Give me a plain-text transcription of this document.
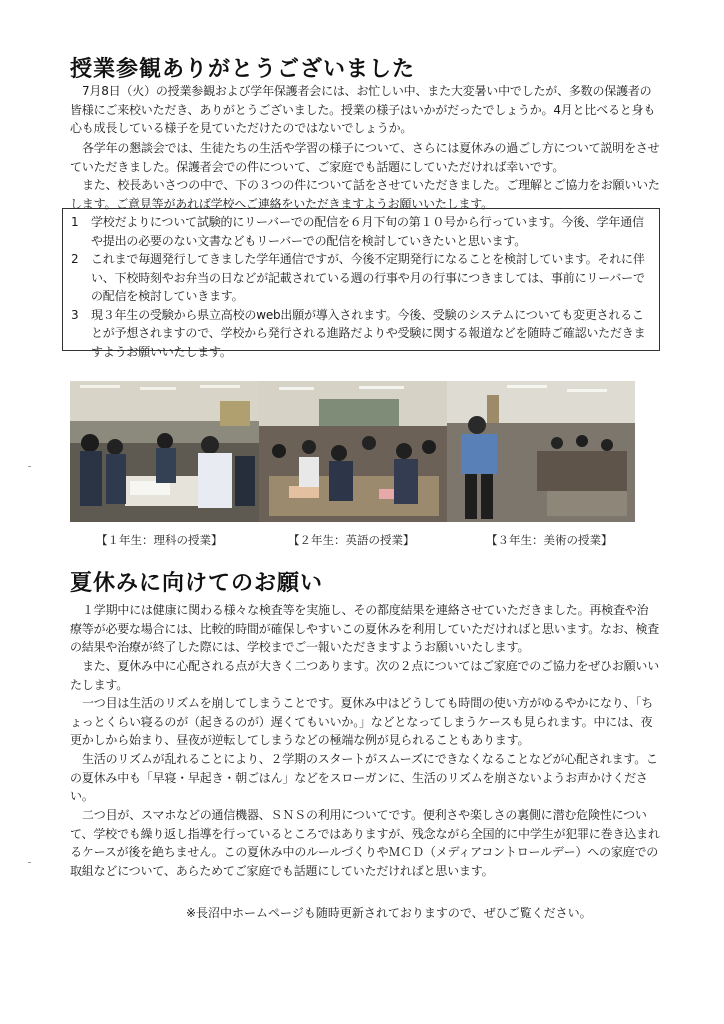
授業参観ありがとうございました

7月8日（火）の授業参観および学年保護者会には、お忙しい中、また大変暑い中でしたが、多数の保護者の皆様にご来校いただき、ありがとうございました。授業の様子はいかがだったでしょうか。4月と比べると身も心も成長している様子を見ていただけたのではないでしょうか。

各学年の懇談会では、生徒たちの生活や学習の様子について、さらには夏休みの過ごし方について説明をさせていただきました。保護者会での件について、ご家庭でも話題にしていただければ幸いです。

また、校長あいさつの中で、下の３つの件について話をさせていただきました。ご理解とご協力をお願いいたします。ご意見等があれば学校へご連絡をいただきますようお願いいたします。

1	学校だよりについて試験的にリーバーでの配信を６月下旬の第１０号から行っています。今後、学年通信や提出の必要のない文書などもリーバーでの配信を検討していきたいと思います。
2	これまで毎週発行してきました学年通信ですが、今後不定期発行になることを検討しています。それに伴い、下校時刻やお弁当の日などが記載されている週の行事や月の行事につきましては、事前にリーバーでの配信を検討していきます。
3	現３年生の受験から県立高校のweb出願が導入されます。今後、受験のシステムについても変更されることが予想されますので、学校から発行される進路だよりや受験に関する報道などを随時ご確認いただきますようお願いいたします。
【１年生：理科の授業】	【２年生：英語の授業】	【３年生：美術の授業】
夏休みに向けてのお願い

１学期中には健康に関わる様々な検査等を実施し、その都度結果を連絡させていただきました。再検査や治療等が必要な場合には、比較的時間が確保しやすいこの夏休みを利用していただければと思います。なお、検査の結果や治療が終了した際には、学校までご一報いただきますようお願いいたします。

また、夏休み中に心配される点が大きく二つあります。次の２点についてはご家庭でのご協力をぜひお願いいたします。

一つ目は生活のリズムを崩してしまうことです。夏休み中はどうしても時間の使い方がゆるやかになり、「ちょっとくらい寝るのが（起きるのが）遅くてもいいか。」などとなってしまうケースも見られます。中には、夜更かしから始まり、昼夜が逆転してしまうなどの極端な例が見られることもあります。

生活のリズムが乱れることにより、２学期のスタートがスムーズにできなくなることなどが心配されます。この夏休み中も「早寝・早起き・朝ごはん」などをスローガンに、生活のリズムを崩さないようお声かけください。

二つ目が、スマホなどの通信機器、ＳＮＳの利用についてです。便利さや楽しさの裏側に潜む危険性について、学校でも繰り返し指導を行っているところではありますが、残念ながら全国的に中学生が犯罪に巻き込まれるケースが後を絶ちません。この夏休み中のルールづくりやＭＣＤ（メディアコントロールデー）への家庭での取組などについて、あらためてご家庭でも話題にしていただければと思います。

※長沼中ホームページも随時更新されておりますので、ぜひご覧ください。
